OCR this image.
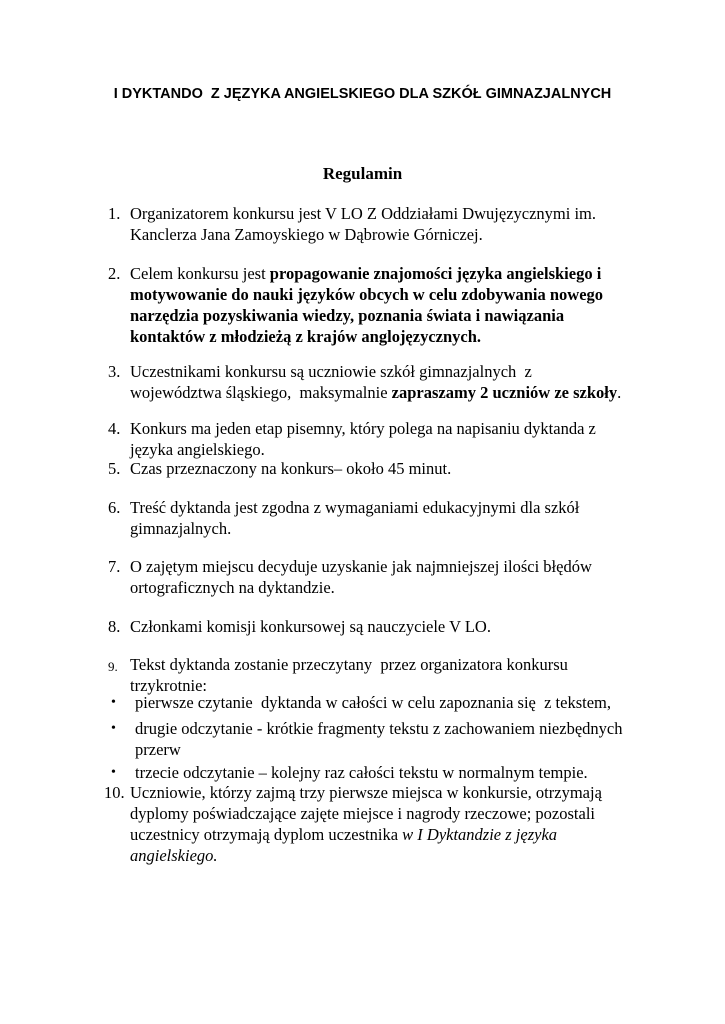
I DYKTANDO  Z JĘZYKA ANGIELSKIEGO DLA SZKÓŁ GIMNAZJALNYCH
Regulamin
1. Organizatorem konkursu jest V LO Z Oddziałami Dwujęzycznymi im.
Kanclerza Jana Zamoyskiego w Dąbrowie Górniczej.
2. Celem konkursu jest propagowanie znajomości języka angielskiego i
motywowanie do nauki języków obcych w celu zdobywania nowego
narzędzia pozyskiwania wiedzy, poznania świata i nawiązania
kontaktów z młodzieżą z krajów anglojęzycznych.
3. Uczestnikami konkursu są uczniowie szkół gimnazjalnych  z
województwa śląskiego,  maksymalnie zapraszamy 2 uczniów ze szkoły.
4. Konkurs ma jeden etap pisemny, który polega na napisaniu dyktanda z
języka angielskiego.
5. Czas przeznaczony na konkurs– około 45 minut.
6. Treść dyktanda jest zgodna z wymaganiami edukacyjnymi dla szkół
gimnazjalnych.
7. O zajętym miejscu decyduje uzyskanie jak najmniejszej ilości błędów
ortograficznych na dyktandzie.
8. Członkami komisji konkursowej są nauczyciele V LO.
9. Tekst dyktanda zostanie przeczytany  przez organizatora konkursu
trzykrotnie:
• pierwsze czytanie  dyktanda w całości w celu zapoznania się  z tekstem,
• drugie odczytanie - krótkie fragmenty tekstu z zachowaniem niezbędnych
przerw
• trzecie odczytanie – kolejny raz całości tekstu w normalnym tempie.
10. Uczniowie, którzy zajmą trzy pierwsze miejsca w konkursie, otrzymają
dyplomy poświadczające zajęte miejsce i nagrody rzeczowe; pozostali
uczestnicy otrzymają dyplom uczestnika w I Dyktandzie z języka
angielskiego.
